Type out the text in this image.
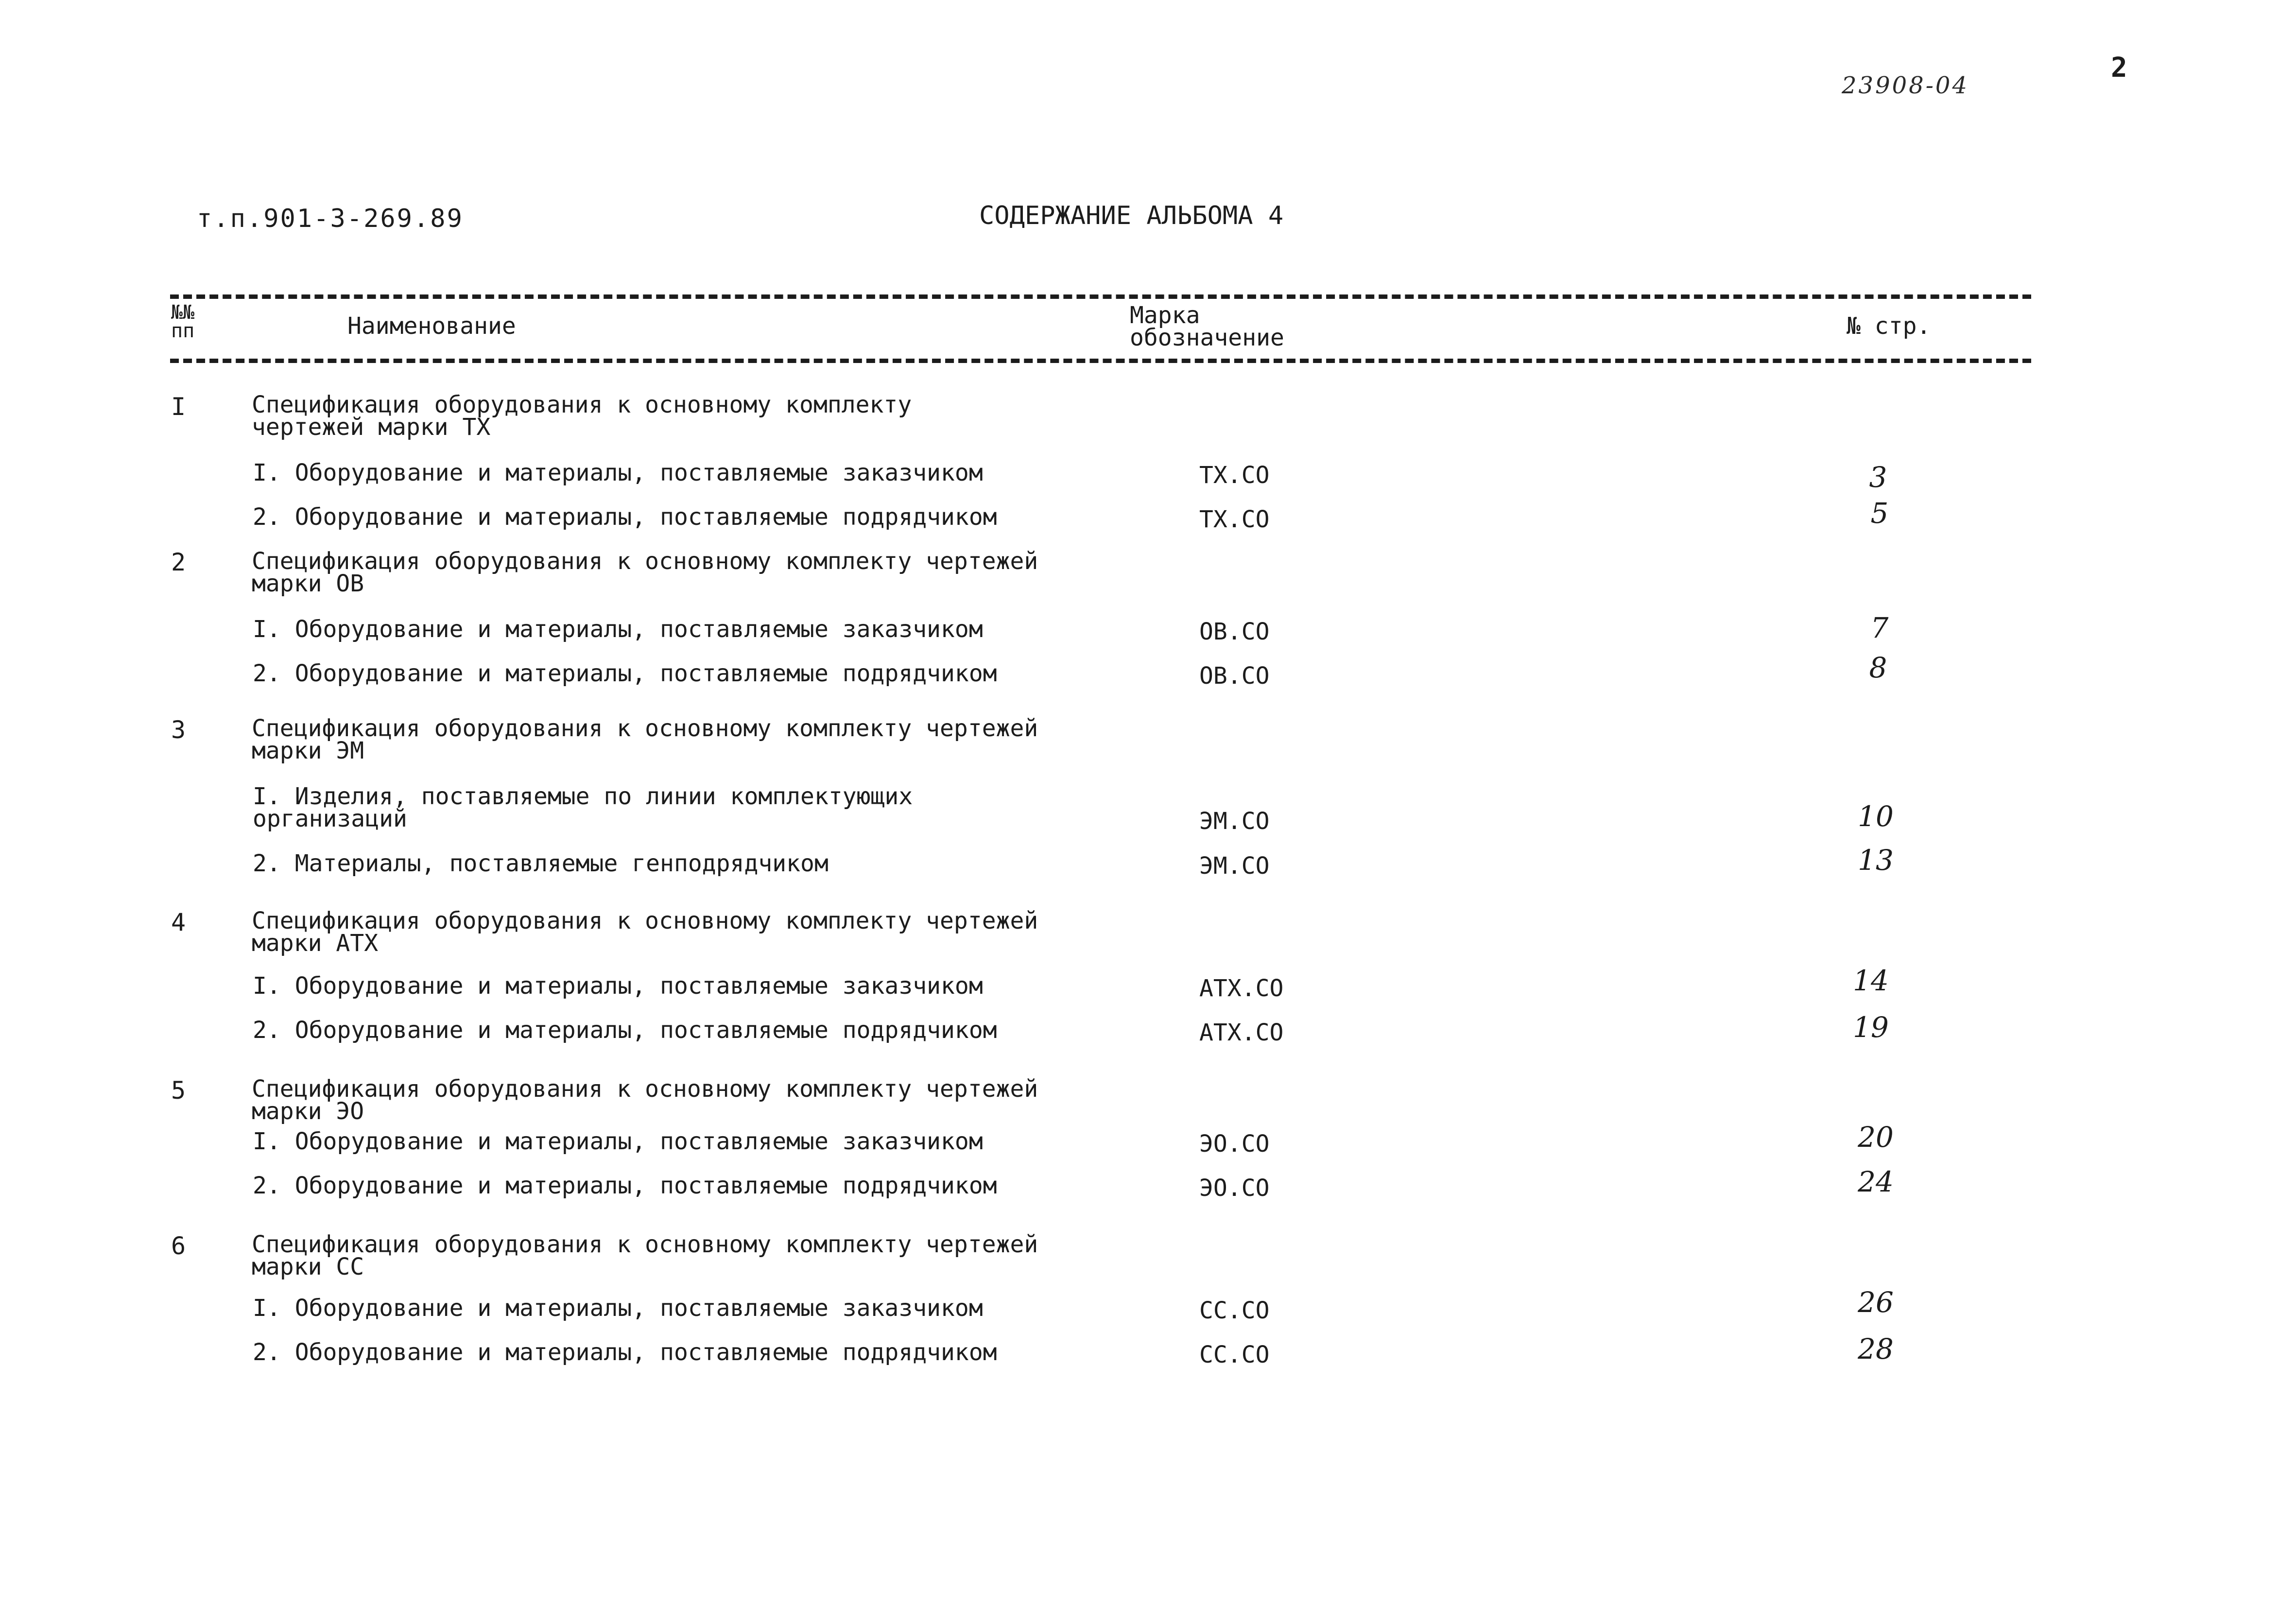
2
23908-04
т.п.901-3-269.89	СОДЕРЖАНИЕ АЛЬБОМА 4
№№ пп	Наименование	Марка обозначение	№ стр.
I	Спецификация оборудования к основному комплекту чертежей марки ТХ
I. Оборудование и материалы, поставляемые заказчиком	ТХ.СО	3
2. Оборудование и материалы, поставляемые подрядчиком	ТХ.СО	5
2	Спецификация оборудования к основному комплекту чертежей марки ОВ
I. Оборудование и материалы, поставляемые заказчиком	ОВ.СО	7
2. Оборудование и материалы, поставляемые подрядчиком	ОВ.СО	8
3	Спецификация оборудования к основному комплекту чертежей марки ЭМ
I. Изделия, поставляемые по линии комплектующих организаций	ЭМ.СО	10
2. Материалы, поставляемые генподрядчиком	ЭМ.СО	13
4	Спецификация оборудования к основному комплекту чертежей марки АТХ
I. Оборудование и материалы, поставляемые заказчиком	АТХ.СО	14
2. Оборудование и материалы, поставляемые подрядчиком	АТХ.СО	19
5	Спецификация оборудования к основному комплекту чертежей марки ЭО
I. Оборудование и материалы, поставляемые заказчиком	ЭО.СО	20
2. Оборудование и материалы, поставляемые подрядчиком	ЭО.СО	24
6	Спецификация оборудования к основному комплекту чертежей марки СС
I. Оборудование и материалы, поставляемые заказчиком	СС.СО	26
2. Оборудование и материалы, поставляемые подрядчиком	СС.СО	28
